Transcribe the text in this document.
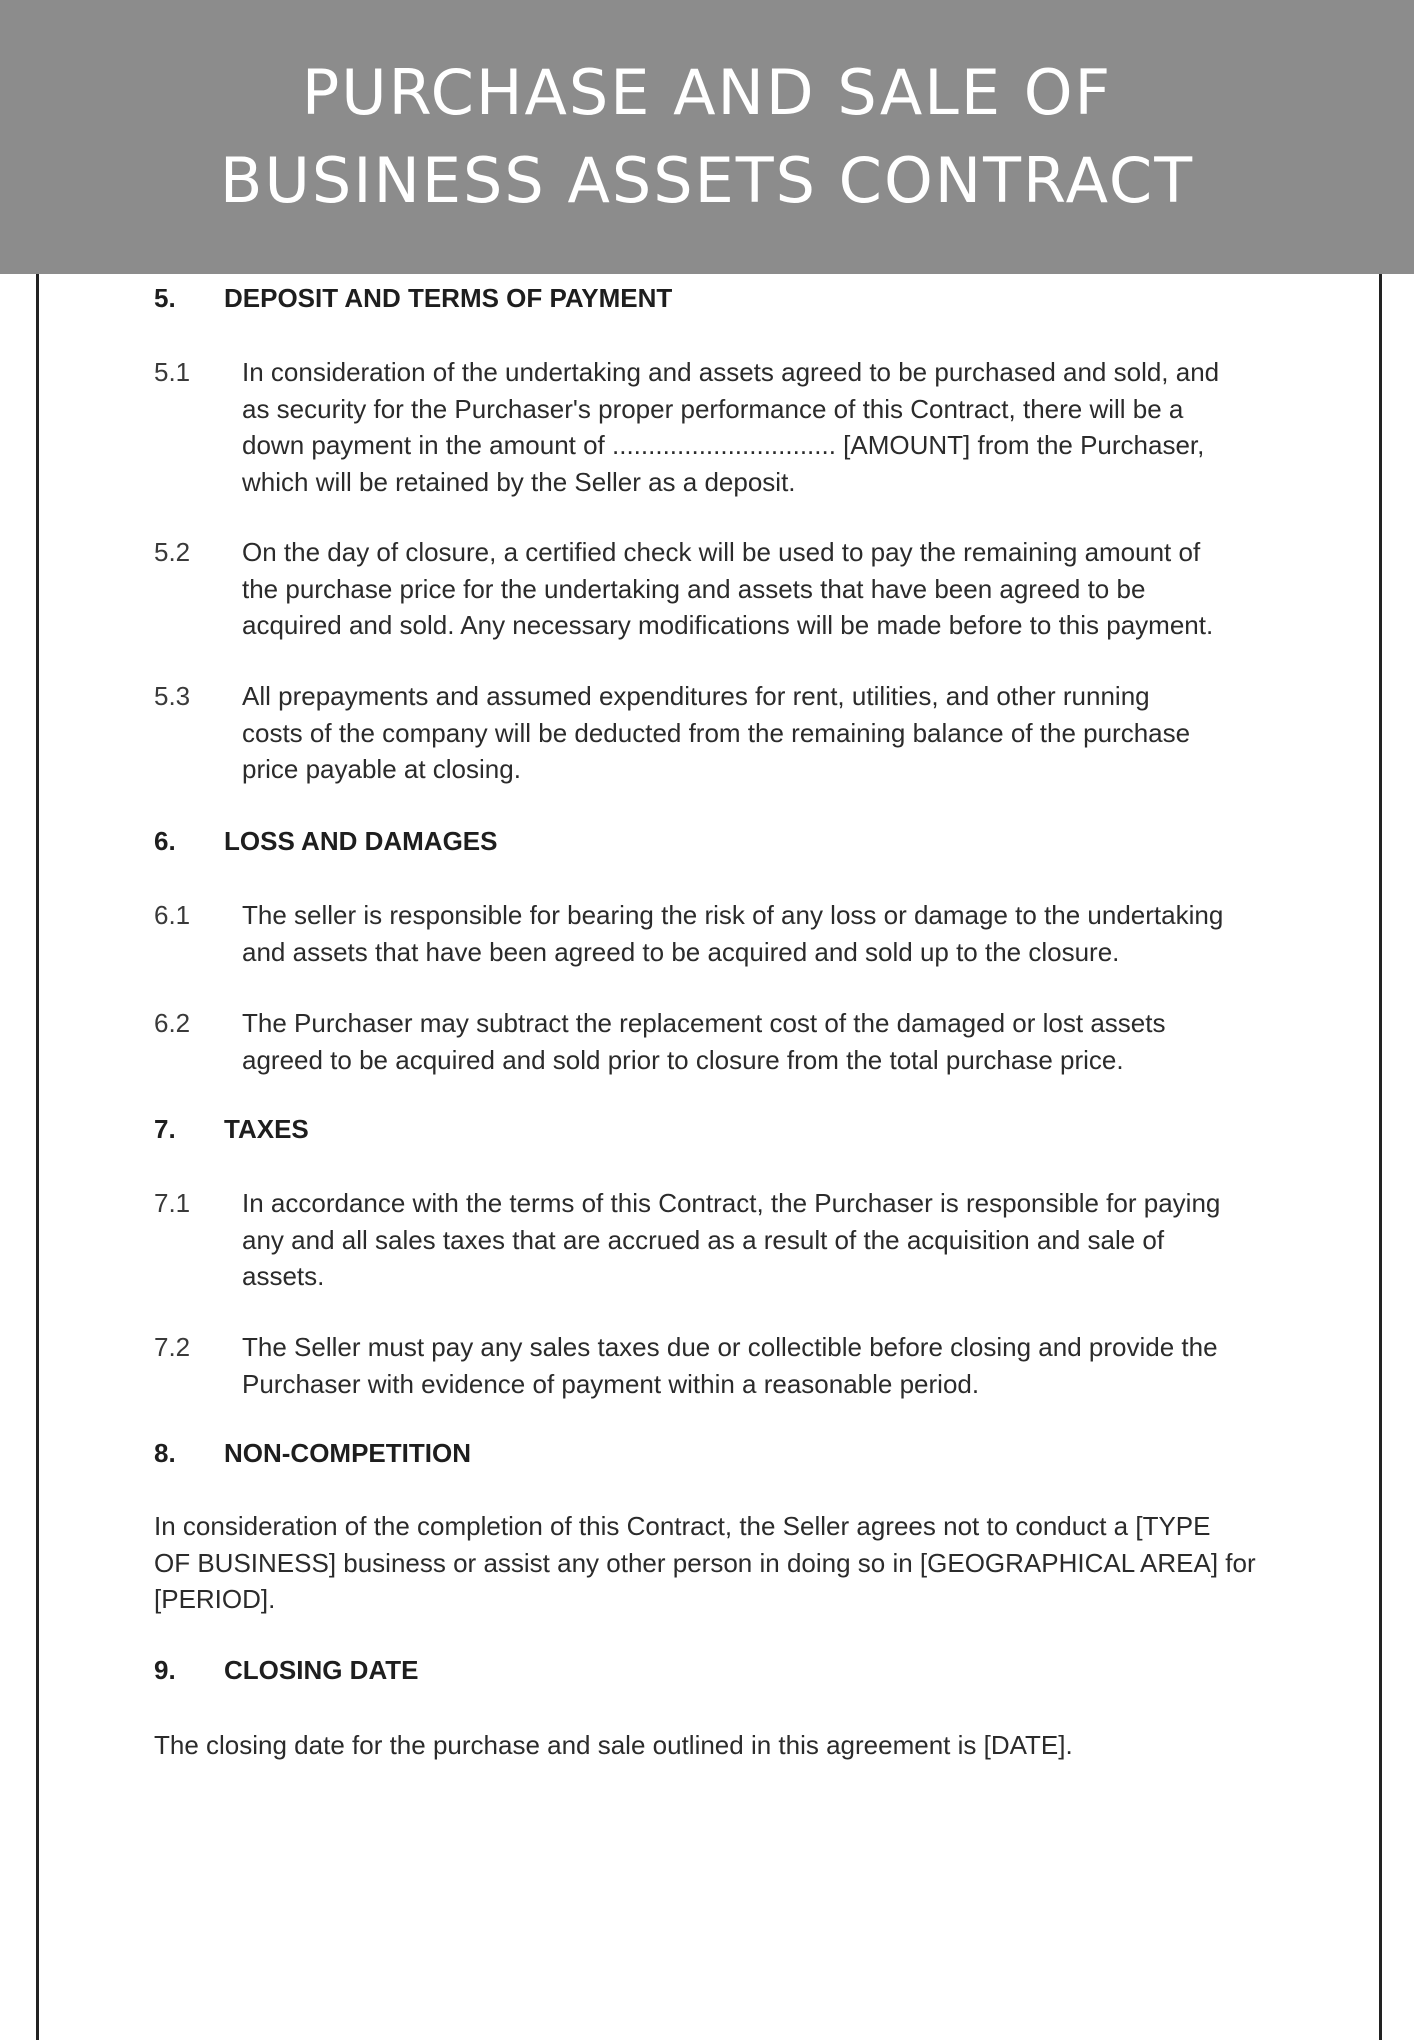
PURCHASE AND SALE OF
BUSINESS ASSETS CONTRACT
5. DEPOSIT AND TERMS OF PAYMENT
5.1	In consideration of the undertaking and assets agreed to be purchased and sold, and
as security for the Purchaser's proper performance of this Contract, there will be a
down payment in the amount of ............................... [AMOUNT] from the Purchaser,
which will be retained by the Seller as a deposit.
5.2	On the day of closure, a certified check will be used to pay the remaining amount of
the purchase price for the undertaking and assets that have been agreed to be
acquired and sold. Any necessary modifications will be made before to this payment.
5.3	All prepayments and assumed expenditures for rent, utilities, and other running
costs of the company will be deducted from the remaining balance of the purchase
price payable at closing.
6. LOSS AND DAMAGES
6.1	The seller is responsible for bearing the risk of any loss or damage to the undertaking
and assets that have been agreed to be acquired and sold up to the closure.
6.2	The Purchaser may subtract the replacement cost of the damaged or lost assets
agreed to be acquired and sold prior to closure from the total purchase price.
7. TAXES
7.1	In accordance with the terms of this Contract, the Purchaser is responsible for paying
any and all sales taxes that are accrued as a result of the acquisition and sale of
assets.
7.2	The Seller must pay any sales taxes due or collectible before closing and provide the
Purchaser with evidence of payment within a reasonable period.
8. NON-COMPETITION
In consideration of the completion of this Contract, the Seller agrees not to conduct a [TYPE
OF BUSINESS] business or assist any other person in doing so in [GEOGRAPHICAL AREA] for
[PERIOD].
9. CLOSING DATE
The closing date for the purchase and sale outlined in this agreement is [DATE].
